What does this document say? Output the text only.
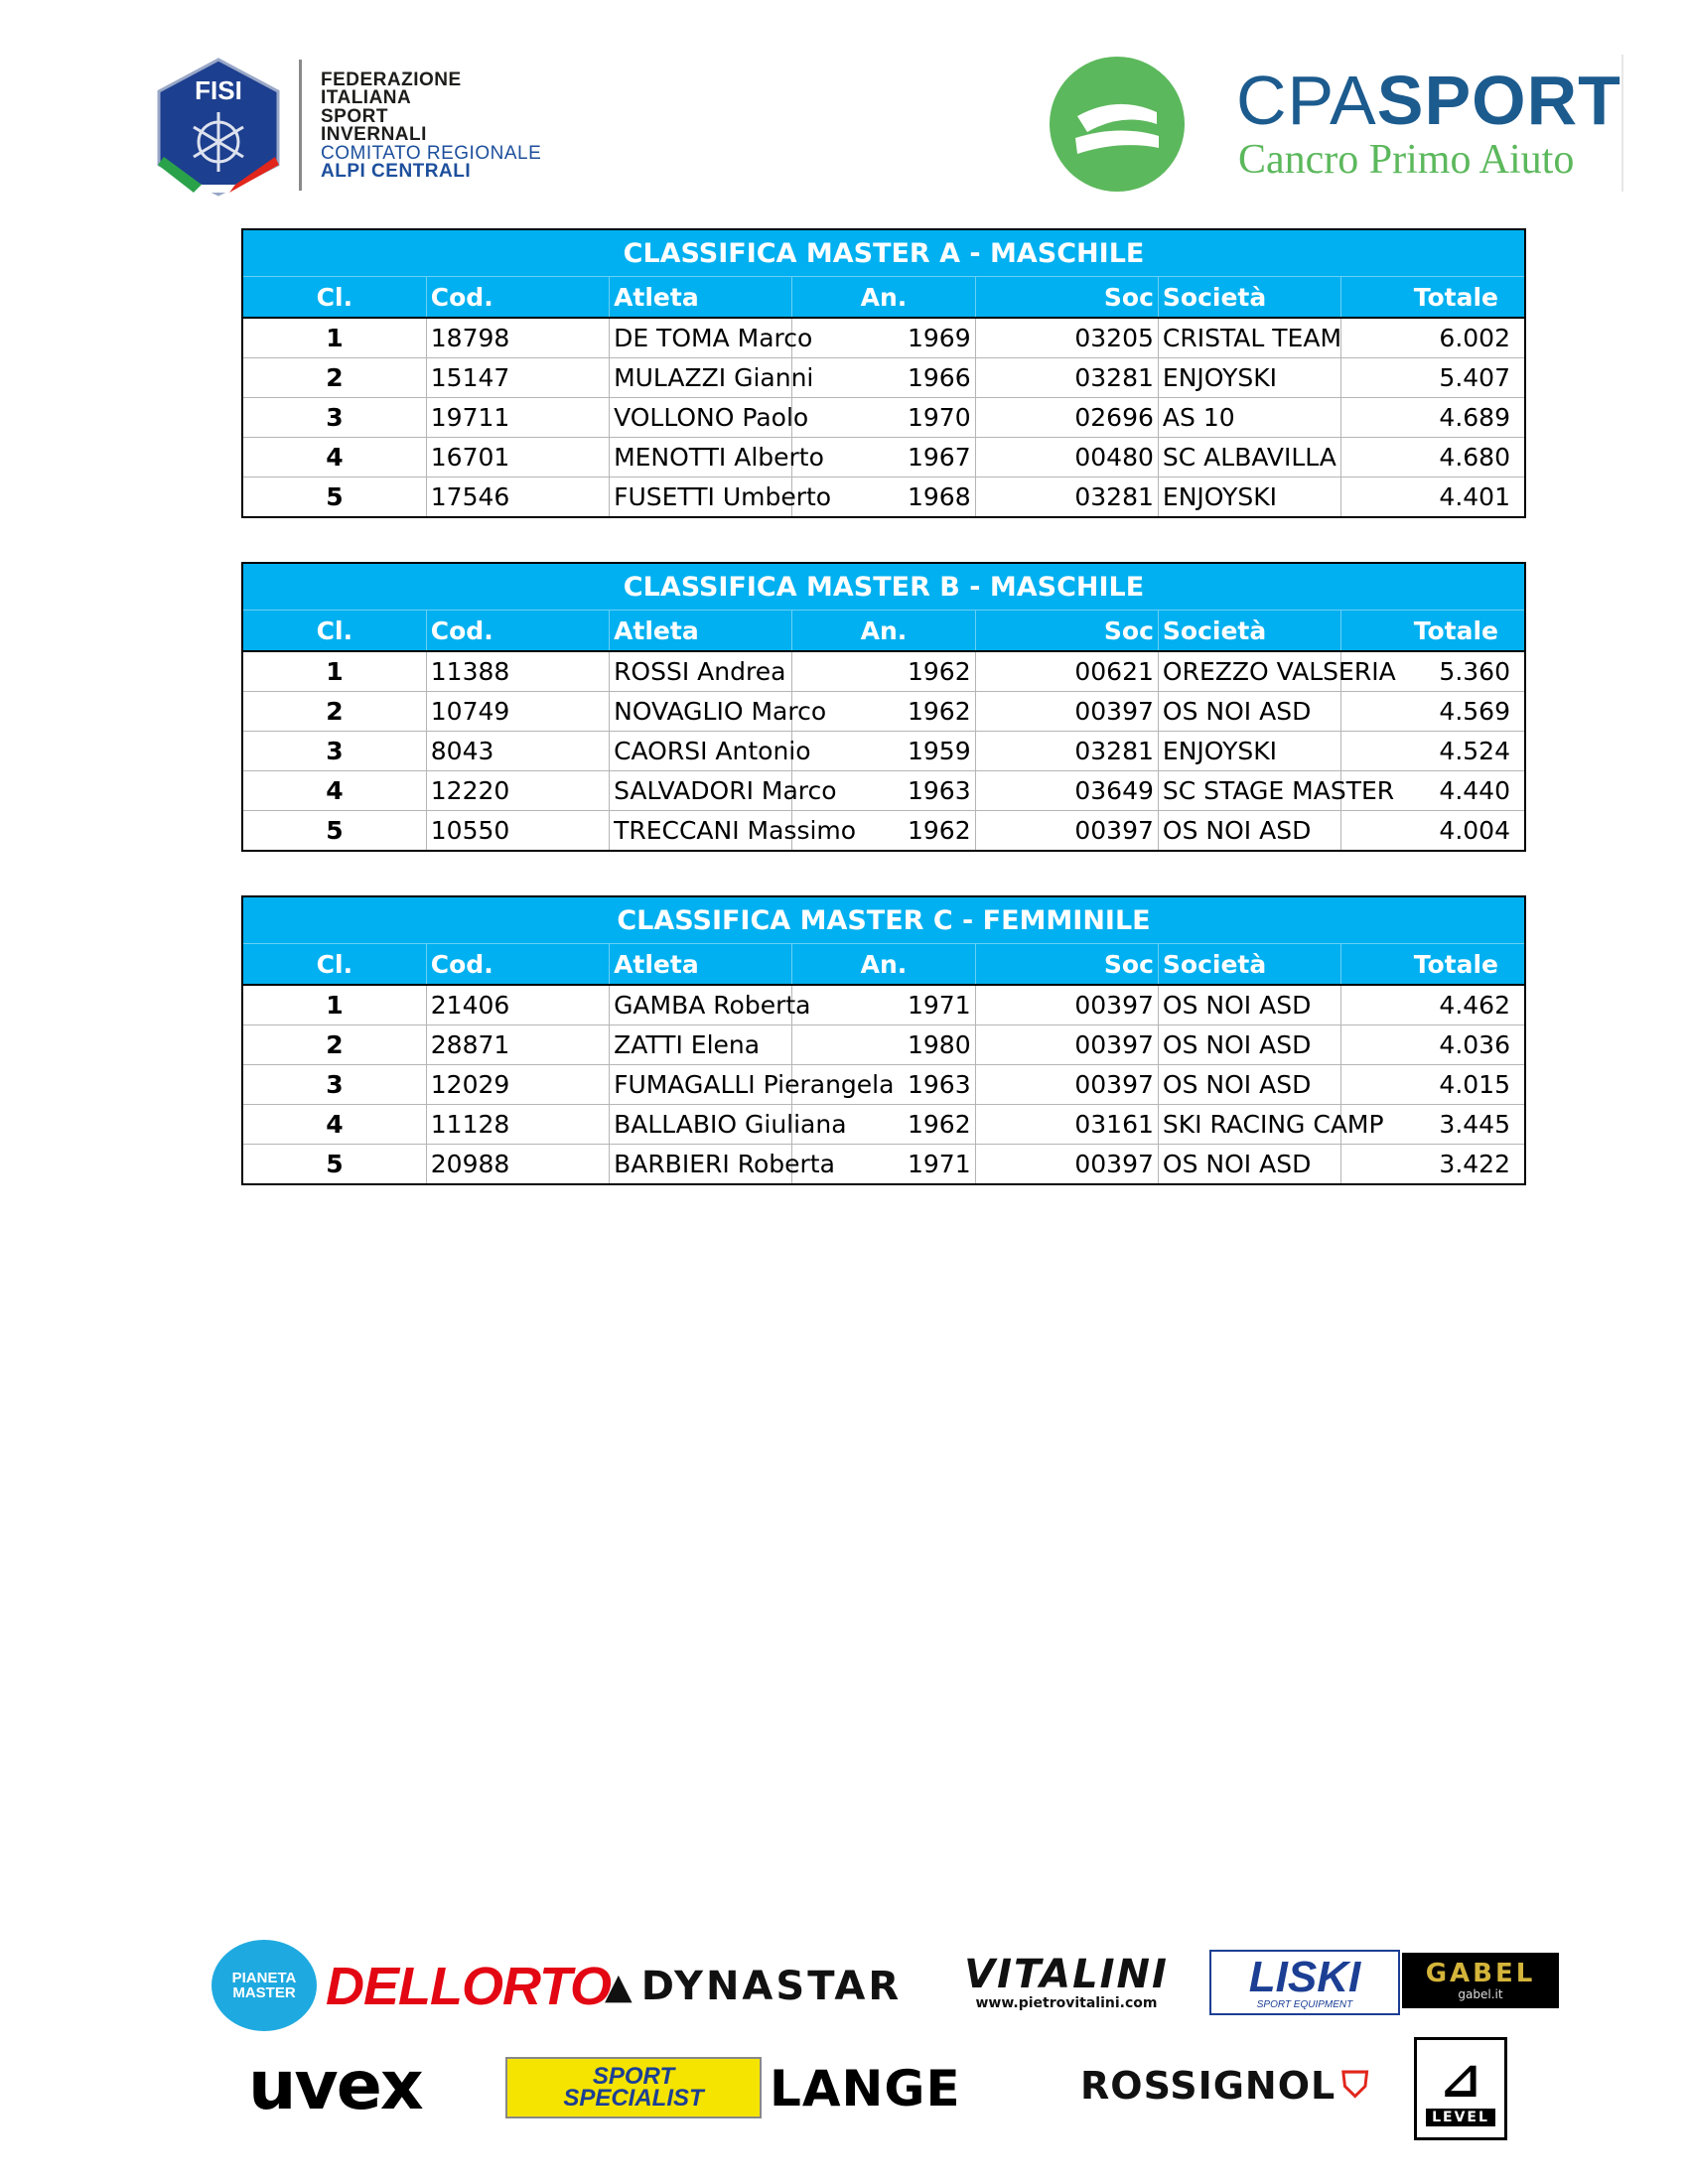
FISI	FEDERAZIONE
ITALIANA
SPORT
INVERNALI
COMITATO REGIONALE
ALPI CENTRALI
CPASPORT
Cancro Primo Aiuto
CLASSIFICA MASTER A - MASCHILE						
Cl.	Cod.	Atleta	An.	Soc	Società	Totale
1	18798	DE TOMA Marco	1969	03205	CRISTAL TEAM	6.002
2	15147	MULAZZI Gianni	1966	03281	ENJOYSKI	5.407
3	19711	VOLLONO Paolo	1970	02696	AS 10	4.689
4	16701	MENOTTI Alberto	1967	00480	SC ALBAVILLA	4.680
5	17546	FUSETTI Umberto	1968	03281	ENJOYSKI	4.401
CLASSIFICA MASTER B - MASCHILE						
Cl.	Cod.	Atleta	An.	Soc	Società	Totale
1	11388	ROSSI Andrea	1962	00621	OREZZO VALSERIA	5.360
2	10749	NOVAGLIO Marco	1962	00397	OS NOI ASD	4.569
3	8043	CAORSI Antonio	1959	03281	ENJOYSKI	4.524
4	12220	SALVADORI Marco	1963	03649	SC STAGE MASTER	4.440
5	10550	TRECCANI Massimo	1962	00397	OS NOI ASD	4.004
CLASSIFICA MASTER C - FEMMINILE						
Cl.	Cod.	Atleta	An.	Soc	Società	Totale
1	21406	GAMBA Roberta	1971	00397	OS NOI ASD	4.462
2	28871	ZATTI Elena	1980	00397	OS NOI ASD	4.036
3	12029	FUMAGALLI Pierangela	1963	00397	OS NOI ASD	4.015
4	11128	BALLABIO Giuliana	1962	03161	SKI RACING CAMP	3.445
5	20988	BARBIERI Roberta	1971	00397	OS NOI ASD	3.422
PIANETA
MASTER DELLORTO
▲ DYNASTAR VITALINI
www.pietrovitalini.com
LISKI
SPORT EQUIPMENT
GABEL
gabel.it
uvex	SPORT
SPECIALIST LANGE	ROSSIGNOL ⛉ ⊿
LEVEL
